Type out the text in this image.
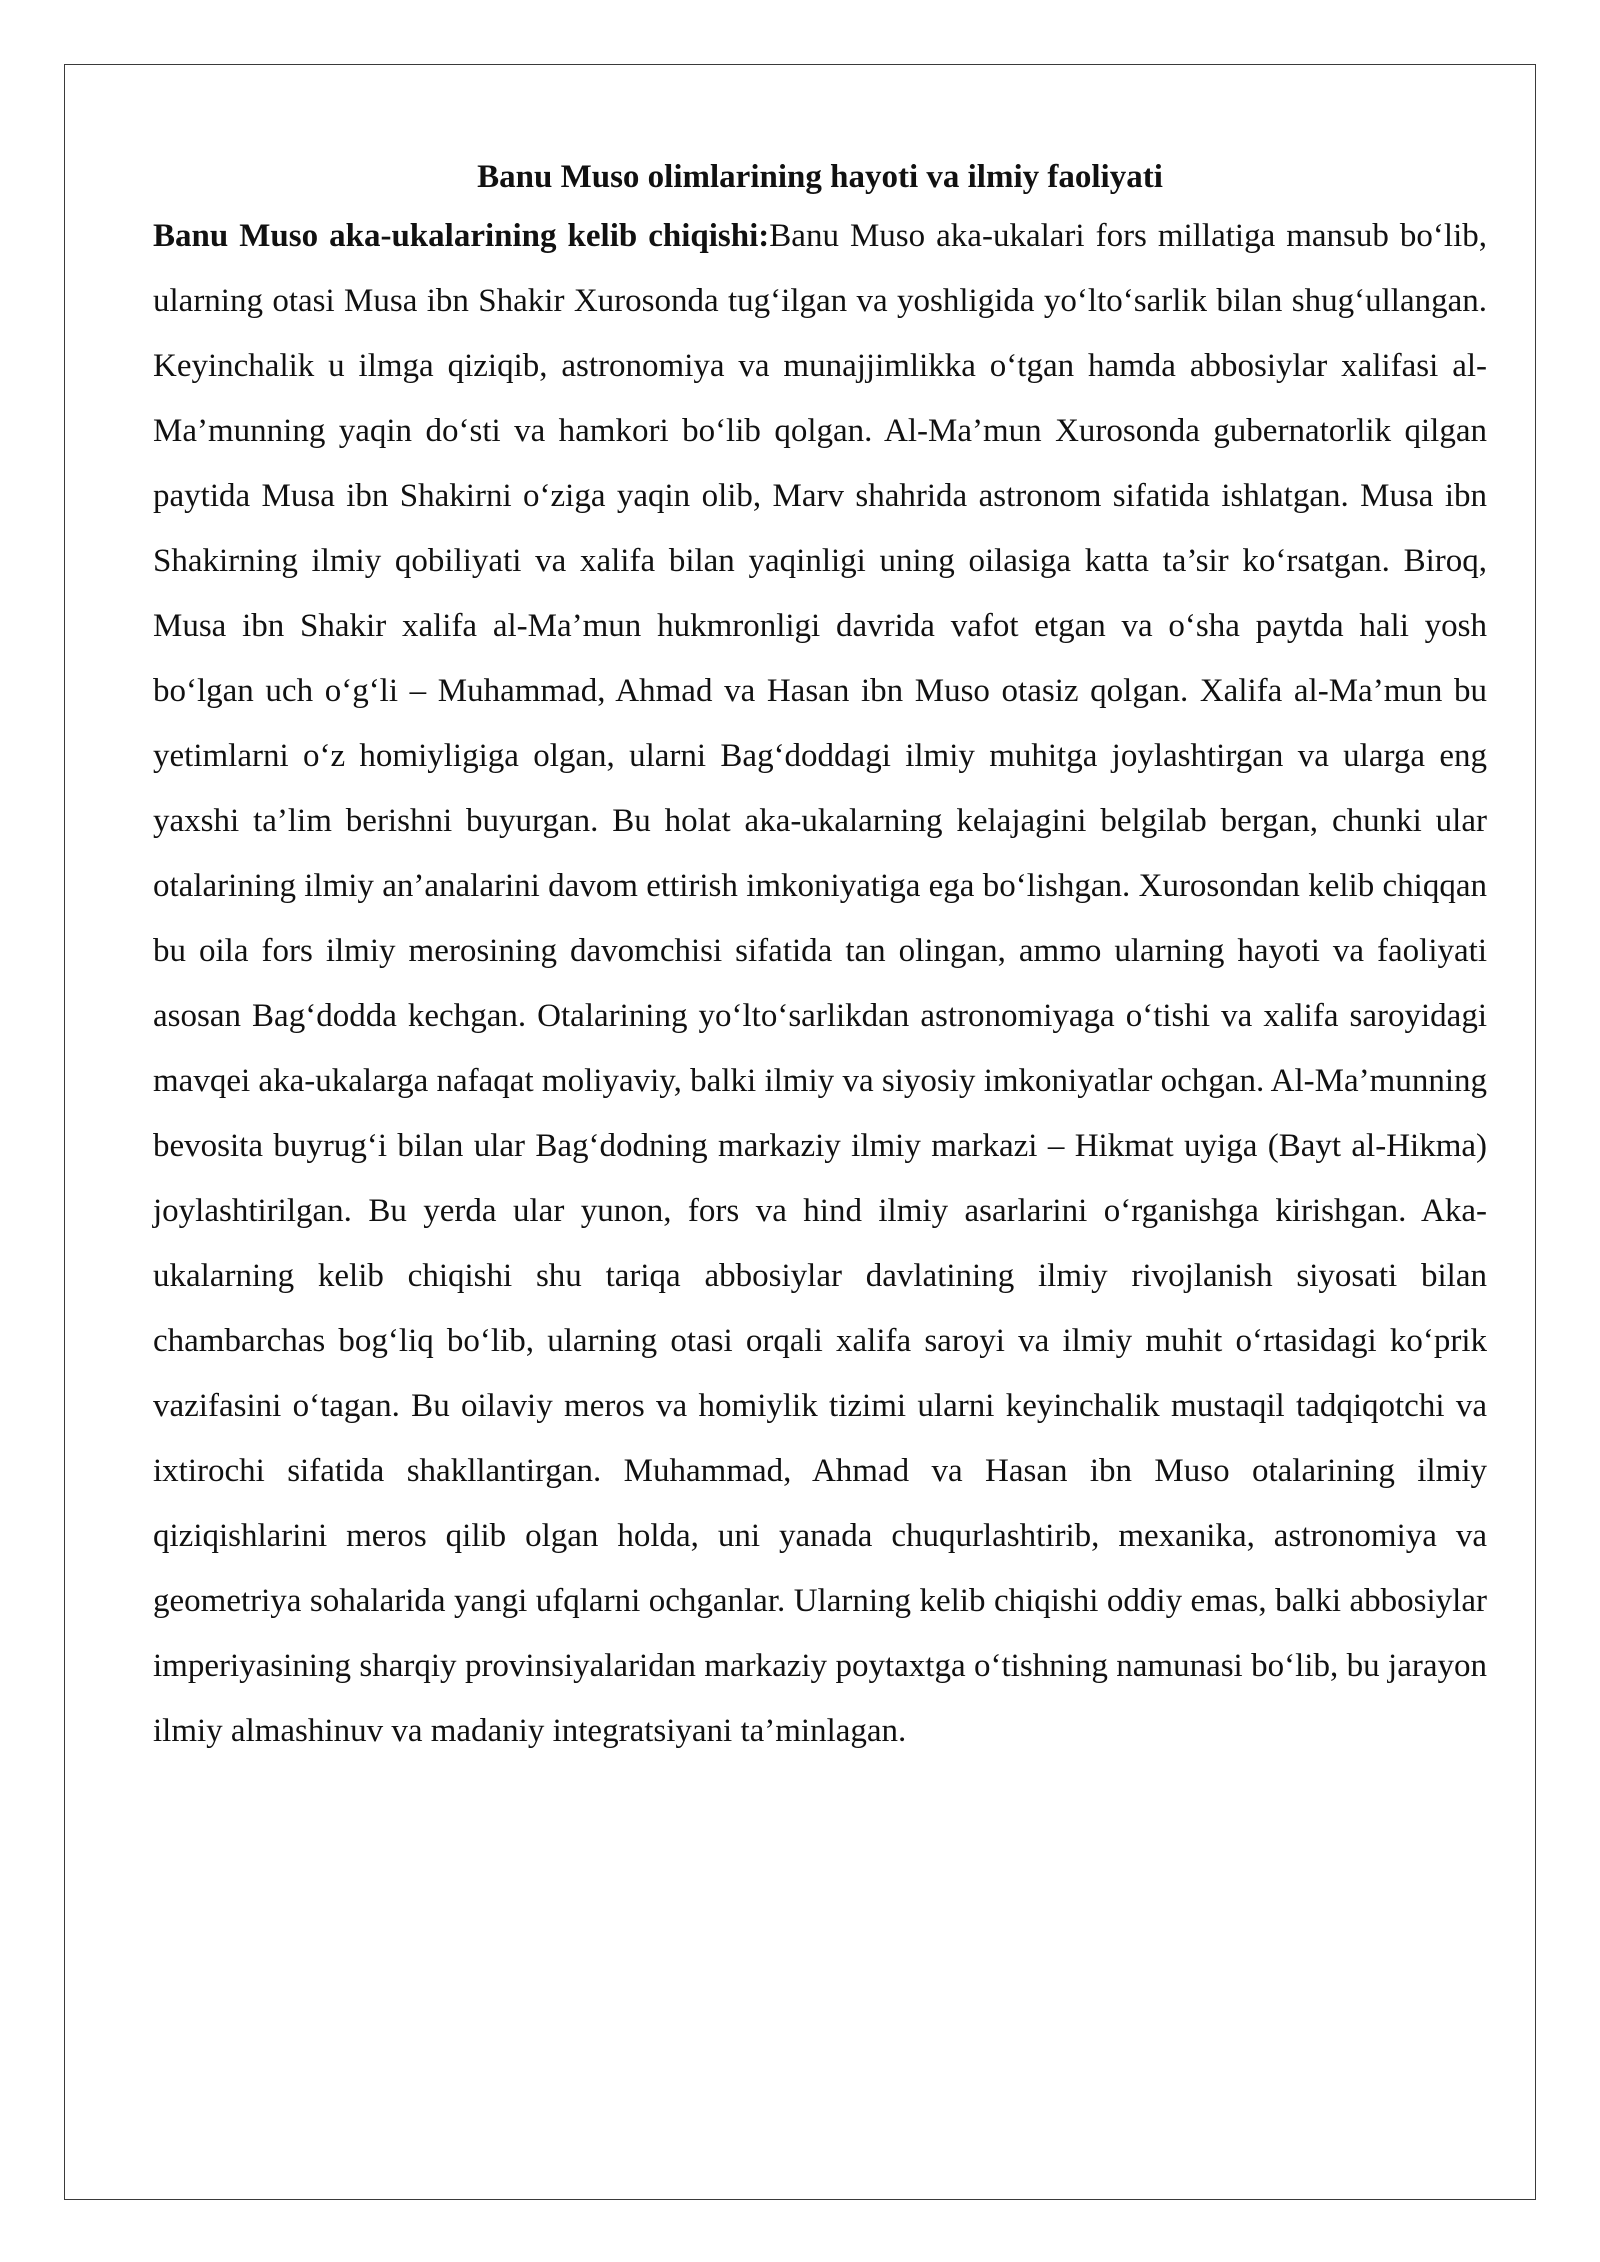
Banu Muso olimlarining hayoti va ilmiy faoliyati

Banu Muso aka-ukalarining kelib chiqishi:Banu Muso aka-ukalari fors millatiga mansub bo‘lib, ularning otasi Musa ibn Shakir Xurosonda tug‘ilgan va yoshligida yo‘lto‘sarlik bilan shug‘ullangan. Keyinchalik u ilmga qiziqib, astronomiya va munajjimlikka o‘tgan hamda abbosiylar xalifasi al-Ma’munning yaqin do‘sti va hamkori bo‘lib qolgan. Al-Ma’mun Xurosonda gubernatorlik qilgan paytida Musa ibn Shakirni o‘ziga yaqin olib, Marv shahrida astronom sifatida ishlatgan. Musa ibn Shakirning ilmiy qobiliyati va xalifa bilan yaqinligi uning oilasiga katta ta’sir ko‘rsatgan. Biroq, Musa ibn Shakir xalifa al-Ma’mun hukmronligi davrida vafot etgan va o‘sha paytda hali yosh bo‘lgan uch o‘g‘li – Muhammad, Ahmad va Hasan ibn Muso otasiz qolgan. Xalifa al-Ma’mun bu yetimlarni o‘z homiyligiga olgan, ularni Bag‘doddagi ilmiy muhitga joylashtirgan va ularga eng yaxshi ta’lim berishni buyurgan. Bu holat aka-ukalarning kelajagini belgilab bergan, chunki ular otalarining ilmiy an’analarini davom ettirish imkoniyatiga ega bo‘lishgan. Xurosondan kelib chiqqan bu oila fors ilmiy merosining davomchisi sifatida tan olingan, ammo ularning hayoti va faoliyati asosan Bag‘dodda kechgan. Otalarining yo‘lto‘sarlikdan astronomiyaga o‘tishi va xalifa saroyidagi mavqei aka-ukalarga nafaqat moliyaviy, balki ilmiy va siyosiy imkoniyatlar ochgan. Al-Ma’munning bevosita buyrug‘i bilan ular Bag‘dodning markaziy ilmiy markazi – Hikmat uyiga (Bayt al-Hikma) joylashtirilgan. Bu yerda ular yunon, fors va hind ilmiy asarlarini o‘rganishga kirishgan. Aka-ukalarning kelib chiqishi shu tariqa abbosiylar davlatining ilmiy rivojlanish siyosati bilan chambarchas bog‘liq bo‘lib, ularning otasi orqali xalifa saroyi va ilmiy muhit o‘rtasidagi ko‘prik vazifasini o‘tagan. Bu oilaviy meros va homiylik tizimi ularni keyinchalik mustaqil tadqiqotchi va ixtirochi sifatida shakllantirgan. Muhammad, Ahmad va Hasan ibn Muso otalarining ilmiy qiziqishlarini meros qilib olgan holda, uni yanada chuqurlashtirib, mexanika, astronomiya va geometriya sohalarida yangi ufqlarni ochganlar. Ularning kelib chiqishi oddiy emas, balki abbosiylar imperiyasining sharqiy provinsiyalaridan markaziy poytaxtga o‘tishning namunasi bo‘lib, bu jarayon ilmiy almashinuv va madaniy integratsiyani ta’minlagan.
